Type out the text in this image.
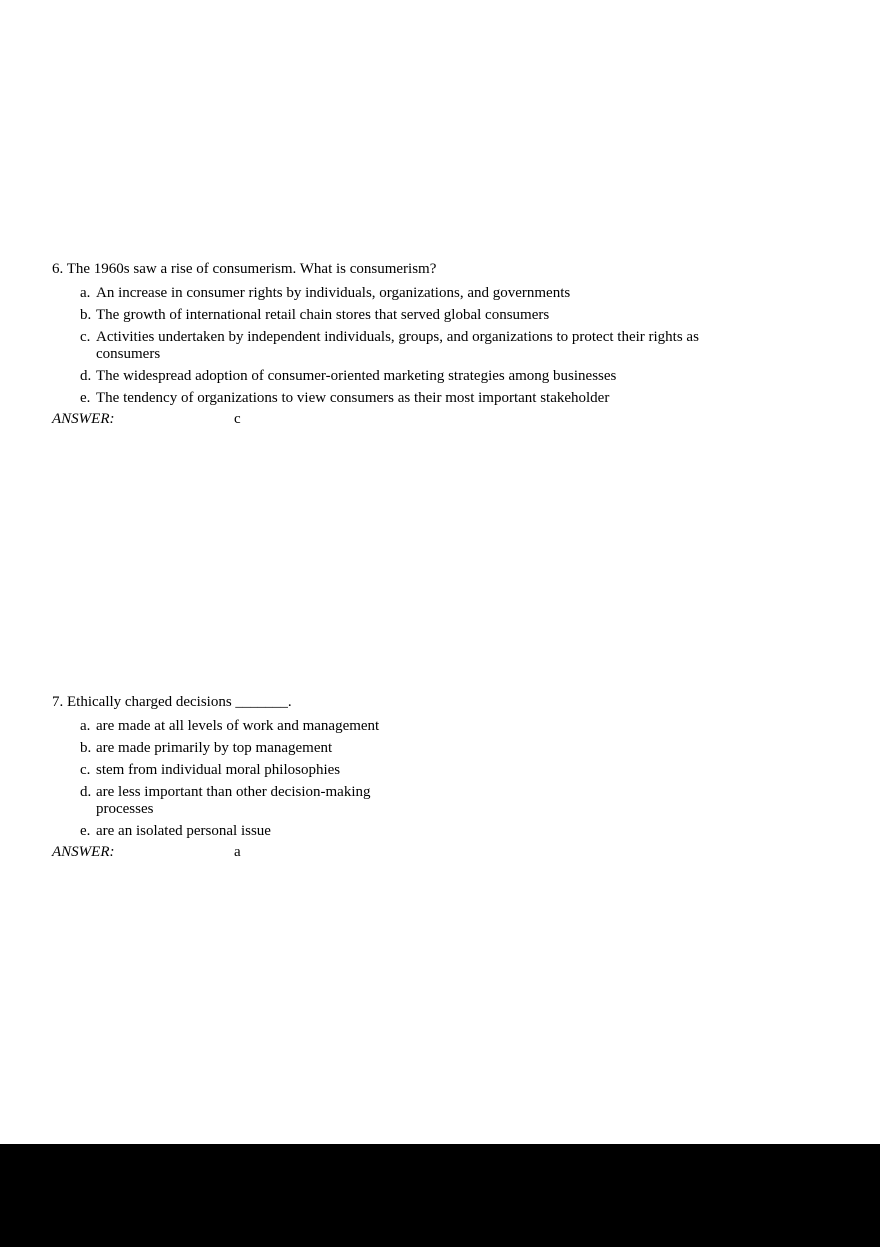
6. The 1960s saw a rise of consumerism. What is consumerism?
a. An increase in consumer rights by individuals, organizations, and governments
b. The growth of international retail chain stores that served global consumers
c. Activities undertaken by independent individuals, groups, and organizations to protect their rights as consumers
d. The widespread adoption of consumer-oriented marketing strategies among businesses
e. The tendency of organizations to view consumers as their most important stakeholder
ANSWER:	c
7. Ethically charged decisions _______.
a. are made at all levels of work and management
b. are made primarily by top management
c. stem from individual moral philosophies
d. are less important than other decision-making processes
e. are an isolated personal issue
ANSWER:	a
